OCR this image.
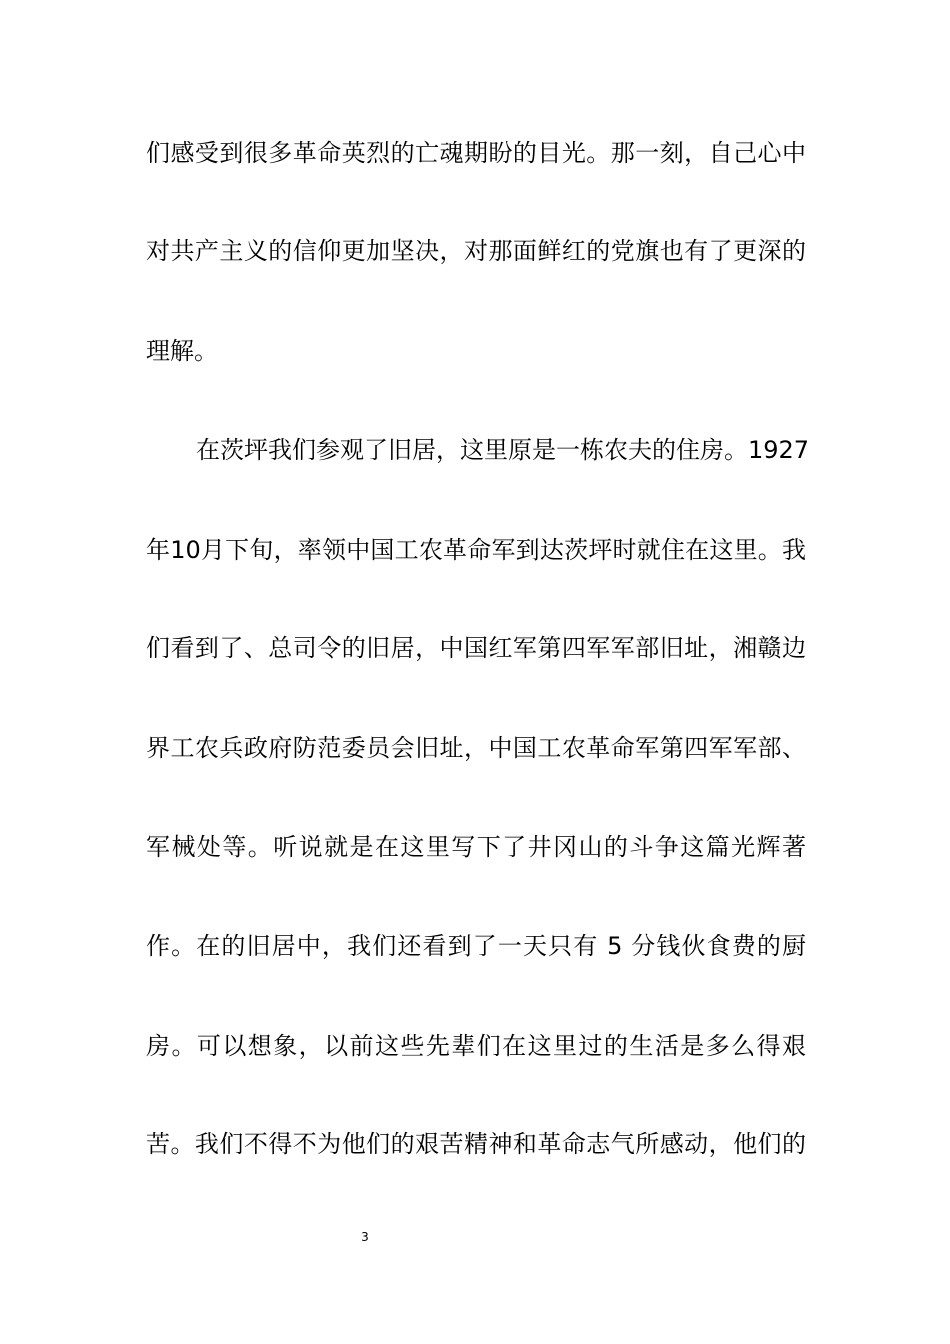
们感受到很多革命英烈的亡魂期盼的目光。那一刻，自己心中
对共产主义的信仰更加坚决，对那面鲜红的党旗也有了更深的
理解。
在茨坪我们参观了旧居，这里原是一栋农夫的住房。1927
年10月下旬，率领中国工农革命军到达茨坪时就住在这里。我
们看到了、总司令的旧居，中国红军第四军军部旧址，湘赣边
界工农兵政府防范委员会旧址，中国工农革命军第四军军部、
军械处等。听说就是在这里写下了井冈山的斗争这篇光辉著
作。在的旧居中，我们还看到了一天只有 5 分钱伙食费的厨
房。可以想象，以前这些先辈们在这里过的生活是多么得艰
苦。我们不得不为他们的艰苦精神和革命志气所感动，他们的
3
